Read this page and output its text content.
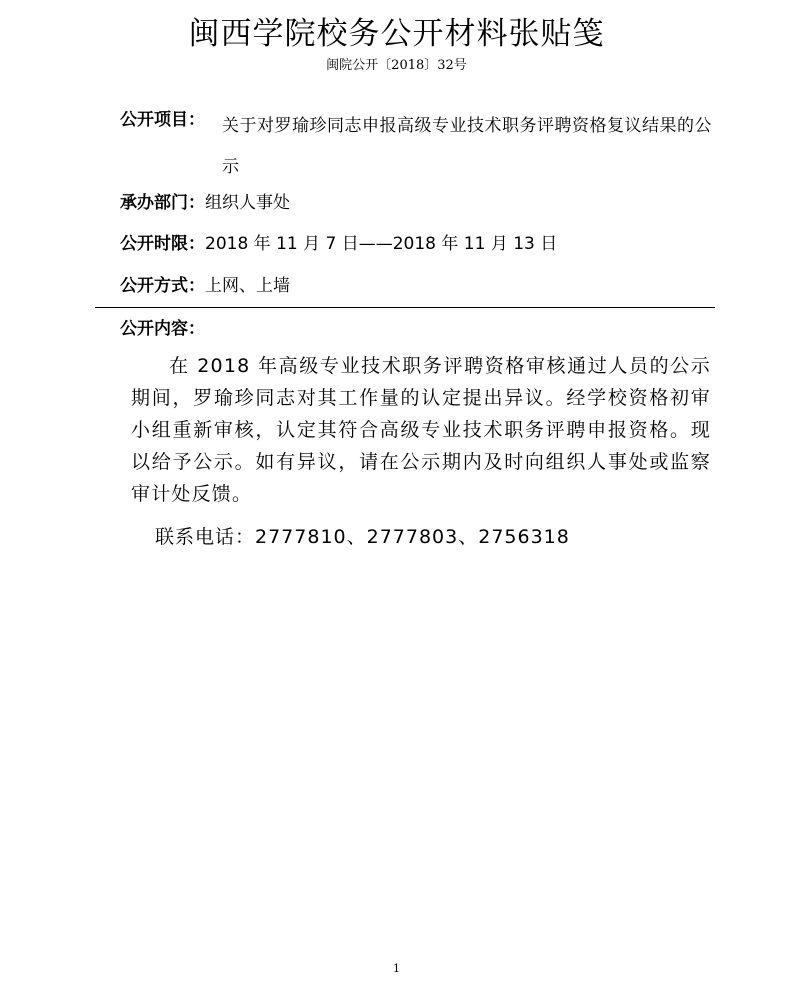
闽西学院校务公开材料张贴笺
闽院公开〔2018〕32号
公开项目： 关于对罗瑜珍同志申报高级专业技术职务评聘资格复议结果的公示
承办部门：组织人事处
公开时限：2018 年 11 月 7 日——2018 年 11 月 13 日
公开方式：上网、上墙
公开内容：
在 2018 年高级专业技术职务评聘资格审核通过人员的公示期间，罗瑜珍同志对其工作量的认定提出异议。经学校资格初审小组重新审核，认定其符合高级专业技术职务评聘申报资格。现以给予公示。如有异议，请在公示期内及时向组织人事处或监察审计处反馈。
联系电话：2777810、2777803、2756318
1
